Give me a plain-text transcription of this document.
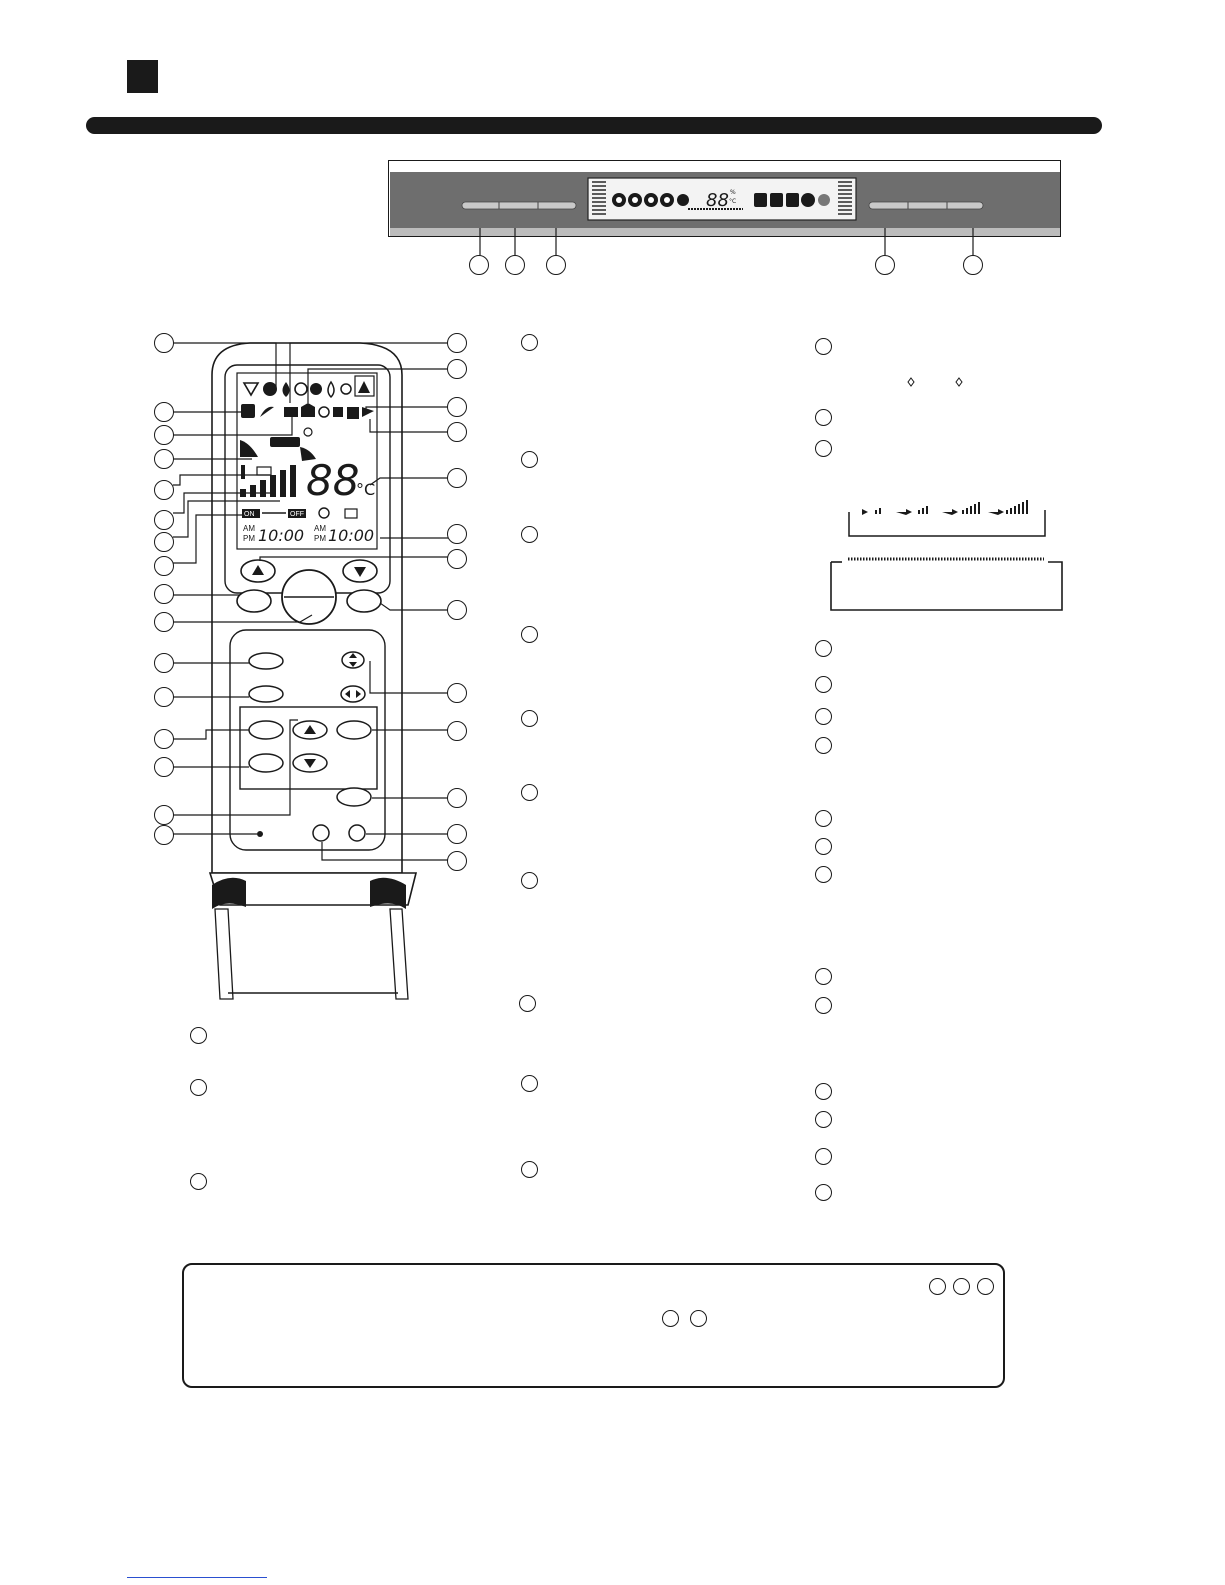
88 %
°C
ON	OFF
88
°C
AM
PM 10:00 AM
PM 10:00
